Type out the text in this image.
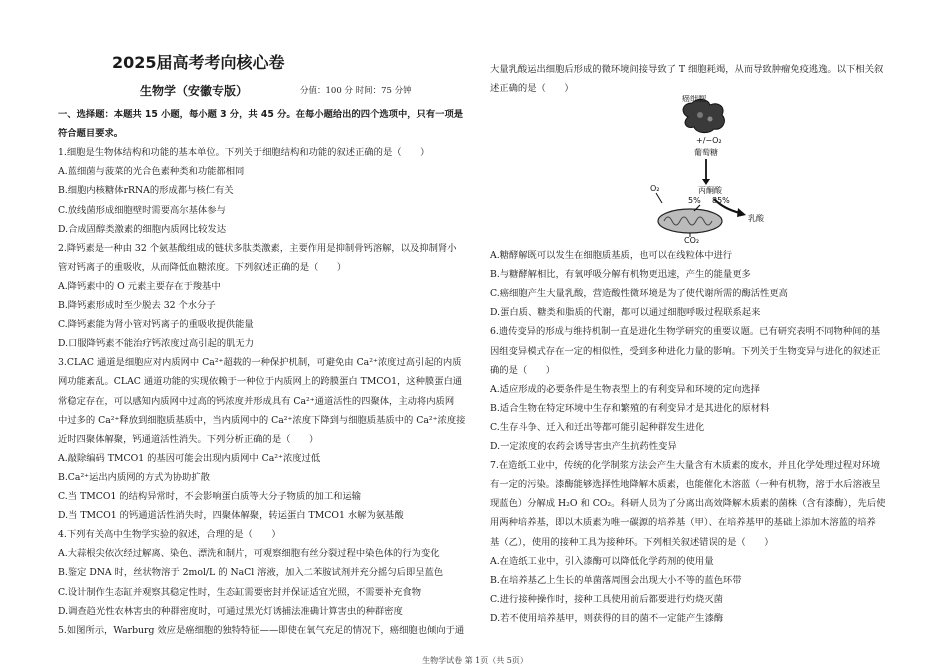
2025届高考考向核心卷
生物学（安徽专版）	分值：100 分 时间：75 分钟
一、选择题：本题共 15 小题，每小题 3 分，共 45 分。在每小题给出的四个选项中，只有一项是
符合题目要求。
1.细胞是生物体结构和功能的基本单位。下列关于细胞结构和功能的叙述正确的是（　　）
A.蓝细菌与菠菜的光合色素种类和功能都相同
B.细胞内核糖体rRNA的形成都与核仁有关
C.放线菌形成细胞壁时需要高尔基体参与
D.合成固醇类激素的细胞内质网比较发达
2.降钙素是一种由 32 个氨基酸组成的链状多肽类激素，主要作用是抑制骨钙溶解，以及抑制肾小
管对钙离子的重吸收，从而降低血糖浓度。下列叙述正确的是（　　）
A.降钙素中的 O 元素主要存在于羧基中
B.降钙素形成时至少脱去 32 个水分子
C.降钙素能为肾小管对钙离子的重吸收提供能量
D.口服降钙素不能治疗钙浓度过高引起的肌无力
3.CLAC 通道是细胞应对内质网中 Ca²⁺超载的一种保护机制，可避免由 Ca²⁺浓度过高引起的内质
网功能紊乱。CLAC 通道功能的实现依赖于一种位于内质网上的跨膜蛋白 TMCO1，这种膜蛋白通
常稳定存在，可以感知内质网中过高的钙浓度并形成具有 Ca²⁺通道活性的四聚体，主动将内质网
中过多的 Ca²⁺释放到细胞质基质中，当内质网中的 Ca²⁺浓度下降到与细胞质基质中的 Ca²⁺浓度接
近时四聚体解聚，钙通道活性消失。下列分析正确的是（　　）
A.敲除编码 TMCO1 的基因可能会出现内质网中 Ca²⁺浓度过低
B.Ca²⁺运出内质网的方式为协助扩散
C.当 TMCO1 的结构异常时，不会影响蛋白质等大分子物质的加工和运输
D.当 TMCO1 的钙通道活性消失时，四聚体解聚，转运蛋白 TMCO1 水解为氨基酸
4.下列有关高中生物学实验的叙述，合理的是（　　）
A.大蒜根尖依次经过解离、染色、漂洗和制片，可观察细胞有丝分裂过程中染色体的行为变化
B.鉴定 DNA 时，丝状物溶于 2mol/L 的 NaCl 溶液，加入二苯胺试剂并充分摇匀后即呈蓝色
C.设计制作生态缸并观察其稳定性时，生态缸需要密封并保证适宜光照，不需要补充食物
D.调查趋光性农林害虫的种群密度时，可通过黑光灯诱捕法准确计算害虫的种群密度
5.如图所示，Warburg 效应是癌细胞的独特特征——即使在氧气充足的情况下，癌细胞也倾向于通
癌细胞
+/−O₂
葡萄糖
丙酮酸
5% 85%
O₂
乳酸
CO₂
大量乳酸运出细胞后形成的微环境间接导致了 T 细胞耗竭，从而导致肿瘤免疫逃逸。以下相关叙
述正确的是（　　）
A.糖酵解既可以发生在细胞质基质，也可以在线粒体中进行
B.与糖酵解相比，有氧呼吸分解有机物更迅速，产生的能量更多
C.癌细胞产生大量乳酸，营造酸性微环境是为了使代谢所需的酶活性更高
D.蛋白质、糖类和脂质的代谢，都可以通过细胞呼吸过程联系起来
6.遗传变异的形成与维持机制一直是进化生物学研究的重要议题。已有研究表明不同物种间的基
因组变异模式存在一定的相似性，受到多种进化力量的影响。下列关于生物变异与进化的叙述正
确的是（　　）
A.适应形成的必要条件是生物表型上的有利变异和环境的定向选择
B.适合生物在特定环境中生存和繁殖的有利变异才是其进化的原材料
C.生存斗争、迁入和迁出等都可能引起种群发生进化
D.一定浓度的农药会诱导害虫产生抗药性变异
7.在造纸工业中，传统的化学制浆方法会产生大量含有木质素的废水，并且化学处理过程对环境
有一定的污染。漆酶能够选择性地降解木质素，也能催化木溶蓝（一种有机物，溶于水后溶液呈
现蓝色）分解成 H₂O 和 CO₂。科研人员为了分离出高效降解木质素的菌株（含有漆酶），先后使
用两种培养基，即以木质素为唯一碳源的培养基（甲）、在培养基甲的基础上添加木溶蓝的培养
基（乙），使用的接种工具为接种环。下列相关叙述错误的是（　　）
A.在造纸工业中，引入漆酶可以降低化学药剂的使用量
B.在培养基乙上生长的单菌落周围会出现大小不等的蓝色环带
C.进行接种操作时，接种工具使用前后都要进行灼烧灭菌
D.若不使用培养基甲，则获得的目的菌不一定能产生漆酶
生物学试卷 第 1页（共 5页）
